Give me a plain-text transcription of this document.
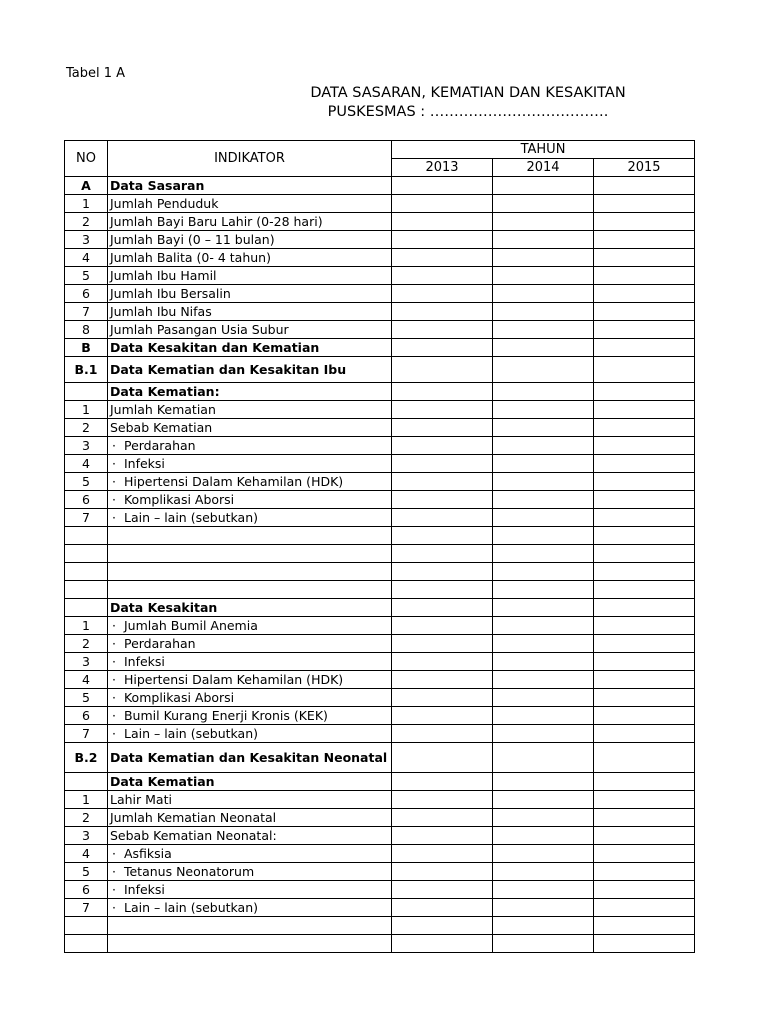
Tabel 1 A
DATA SASARAN, KEMATIAN DAN KESAKITAN
PUSKESMAS : ……………………………….
NO	INDIKATOR	TAHUN		
		2013	2014	2015
A	Data Sasaran			
1	Jumlah Penduduk			
2	Jumlah Bayi Baru Lahir (0-28 hari)			
3	Jumlah Bayi (0 – 11 bulan)			
4	Jumlah Balita (0- 4 tahun)			
5	Jumlah Ibu Hamil			
6	Jumlah Ibu Bersalin			
7	Jumlah Ibu Nifas			
8	Jumlah Pasangan Usia Subur			
B	Data Kesakitan dan Kematian			
B.1	Data Kematian dan Kesakitan Ibu			
	Data Kematian:			
1	Jumlah Kematian			
2	Sebab Kematian			
3	· Perdarahan			
4	· Infeksi			
5	· Hipertensi Dalam Kehamilan (HDK)			
6	· Komplikasi Aborsi			
7	· Lain – lain (sebutkan)			

	Data Kesakitan			
1	· Jumlah Bumil Anemia			
2	· Perdarahan			
3	· Infeksi			
4	· Hipertensi Dalam Kehamilan (HDK)			
5	· Komplikasi Aborsi			
6	· Bumil Kurang Enerji Kronis (KEK)			
7	· Lain – lain (sebutkan)			
B.2	Data Kematian dan Kesakitan Neonatal			
	Data Kematian			
1	Lahir Mati			
2	Jumlah Kematian Neonatal			
3	Sebab Kematian Neonatal:			
4	· Asfiksia			
5	· Tetanus Neonatorum			
6	· Infeksi			
7	· Lain – lain (sebutkan)			
